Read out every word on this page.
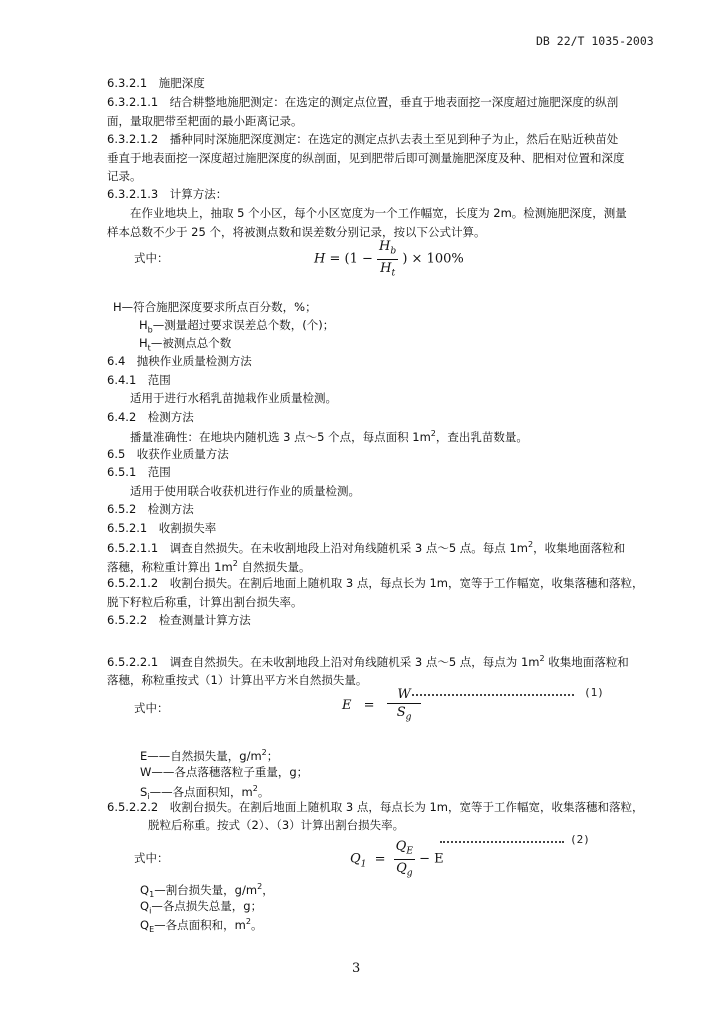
DB 22/T 1035-2003
6.3.2.1　施肥深度
6.3.2.1.1　结合耕整地施肥测定：在选定的测定点位置，垂直于地表面挖一深度超过施肥深度的纵剖
面，量取肥带至耙面的最小距离记录。
6.3.2.1.2　播种同时深施肥深度测定：在选定的测定点扒去表土至见到种子为止，然后在贴近秧苗处
垂直于地表面挖一深度超过施肥深度的纵剖面，见到肥带后即可测量施肥深度及种、肥相对位置和深度
记录。
6.3.2.1.3　计算方法：
在作业地块上，抽取 5 个小区，每个小区宽度为一个工作幅宽，长度为 2m。检测施肥深度，测量
样本总数不少于 25 个，将被测点数和误差数分别记录，按以下公式计算。
式中：	$H = (1 - \frac{H_b}{H_t}$ ) × 100%
H—符合施肥深度要求所点百分数，%；
$H_b—$测量超过要求误差总个数，(个)；
$H_t—$被测点总个数
6.4　抛秧作业质量检测方法
6.4.1　范围
适用于进行水稻乳苗抛栽作业质量检测。
6.4.2　检测方法
播量准确性：在地块内随机选 3 点～5 个点，每点面积 $1m^2$，查出乳苗数量。
6.5　收获作业质量方法
6.5.1　范围
适用于使用联合收获机进行作业的质量检测。
6.5.2　检测方法
6.5.2.1　收割损失率
6.5.2.1.1　调查自然损失。在未收割地段上沿对角线随机采 3 点～5 点。每点 $1m^2$，收集地面落粒和
落穗，称粒重计算出 $1m^2$ 自然损失量。
6.5.2.1.2　收割台损失。在割后地面上随机取 3 点，每点长为 1m，宽等于工作幅宽，收集落穗和落粒，
脱下籽粒后称重，计算出割台损失率。
6.5.2.2　检查测量计算方法
6.5.2.2.1　调查自然损失。在未收割地段上沿对角线随机采 3 点～5 点，每点为 $1m^2$ 收集地面落粒和
落穗，称粒重按式（1）计算出平方米自然损失量。
式中：	$E = \frac{W}{S_g}$	(1)
E——自然损失量，$g/m^2$；
W——各点落穗落粒子重量，g；
$S_i——$各点面积知，$m^2$。
6.5.2.2.2　收割台损失。在割后地面上随机取 3 点，每点长为 1m，宽等于工作幅宽，收集落穗和落粒，
脱粒后称重。按式（2）、（3）计算出割台损失率。
(2)
式中：	$Q_1 = \frac{Q_E}{Q_g} - E$
$Q_1—$割台损失量，$g/m^2$，
$Q_i—$各点损失总量，g；
$Q_E—$各点面积和，$m^2$。
3
